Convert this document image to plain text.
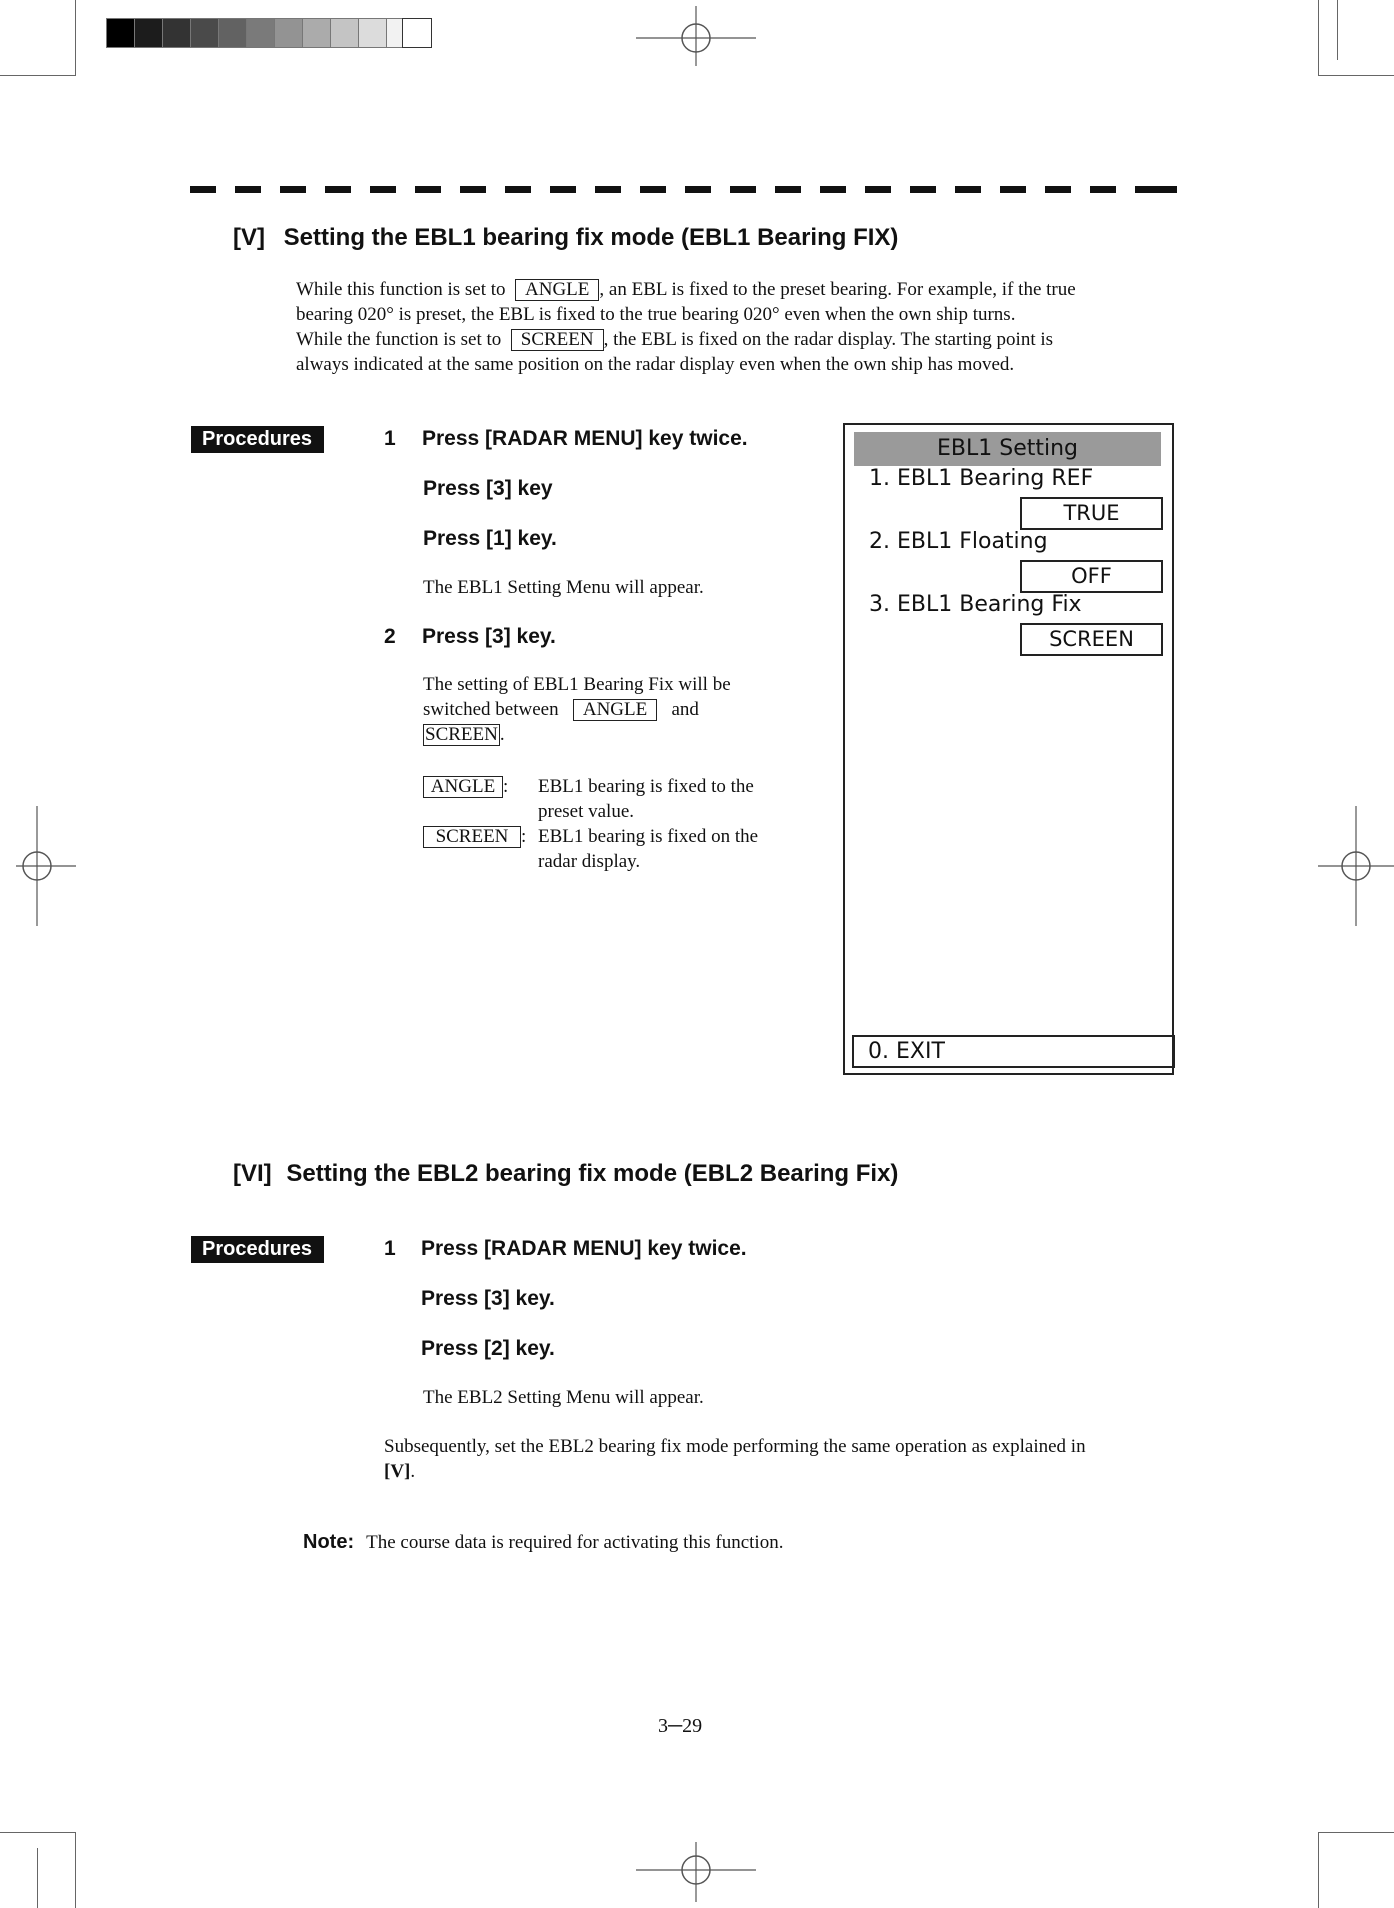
[V] Setting the EBL1 bearing fix mode (EBL1 Bearing FIX)
While this function is set to ANGLE , an EBL is fixed to the preset bearing. For example, if the true
bearing 020° is preset, the EBL is fixed to the true bearing 020° even when the own ship turns.
While the function is set to SCREEN , the EBL is fixed on the radar display. The starting point is
always indicated at the same position on the radar display even when the own ship has moved.
Procedures	1 Press [RADAR MENU] key twice.
Press [3] key
Press [1] key.
The EBL1 Setting Menu will appear.
2 Press [3] key.
The setting of EBL1 Bearing Fix will be
switched between ANGLE and
SCREEN .
ANGLE :	EBL1 bearing is fixed to the
preset value.
SCREEN : EBL1 bearing is fixed on the
radar display.
EBL1 Setting
1. EBL1 Bearing REF
TRUE
2. EBL1 Floating
OFF
3. EBL1 Bearing Fix
SCREEN
0. EXIT
[VI] Setting the EBL2 bearing fix mode (EBL2 Bearing Fix)
Procedures	1 Press [RADAR MENU] key twice.
Press [3] key.
Press [2] key.
The EBL2 Setting Menu will appear.
Subsequently, set the EBL2 bearing fix mode performing the same operation as explained in
[V].
Note: The course data is required for activating this function.
3─29
